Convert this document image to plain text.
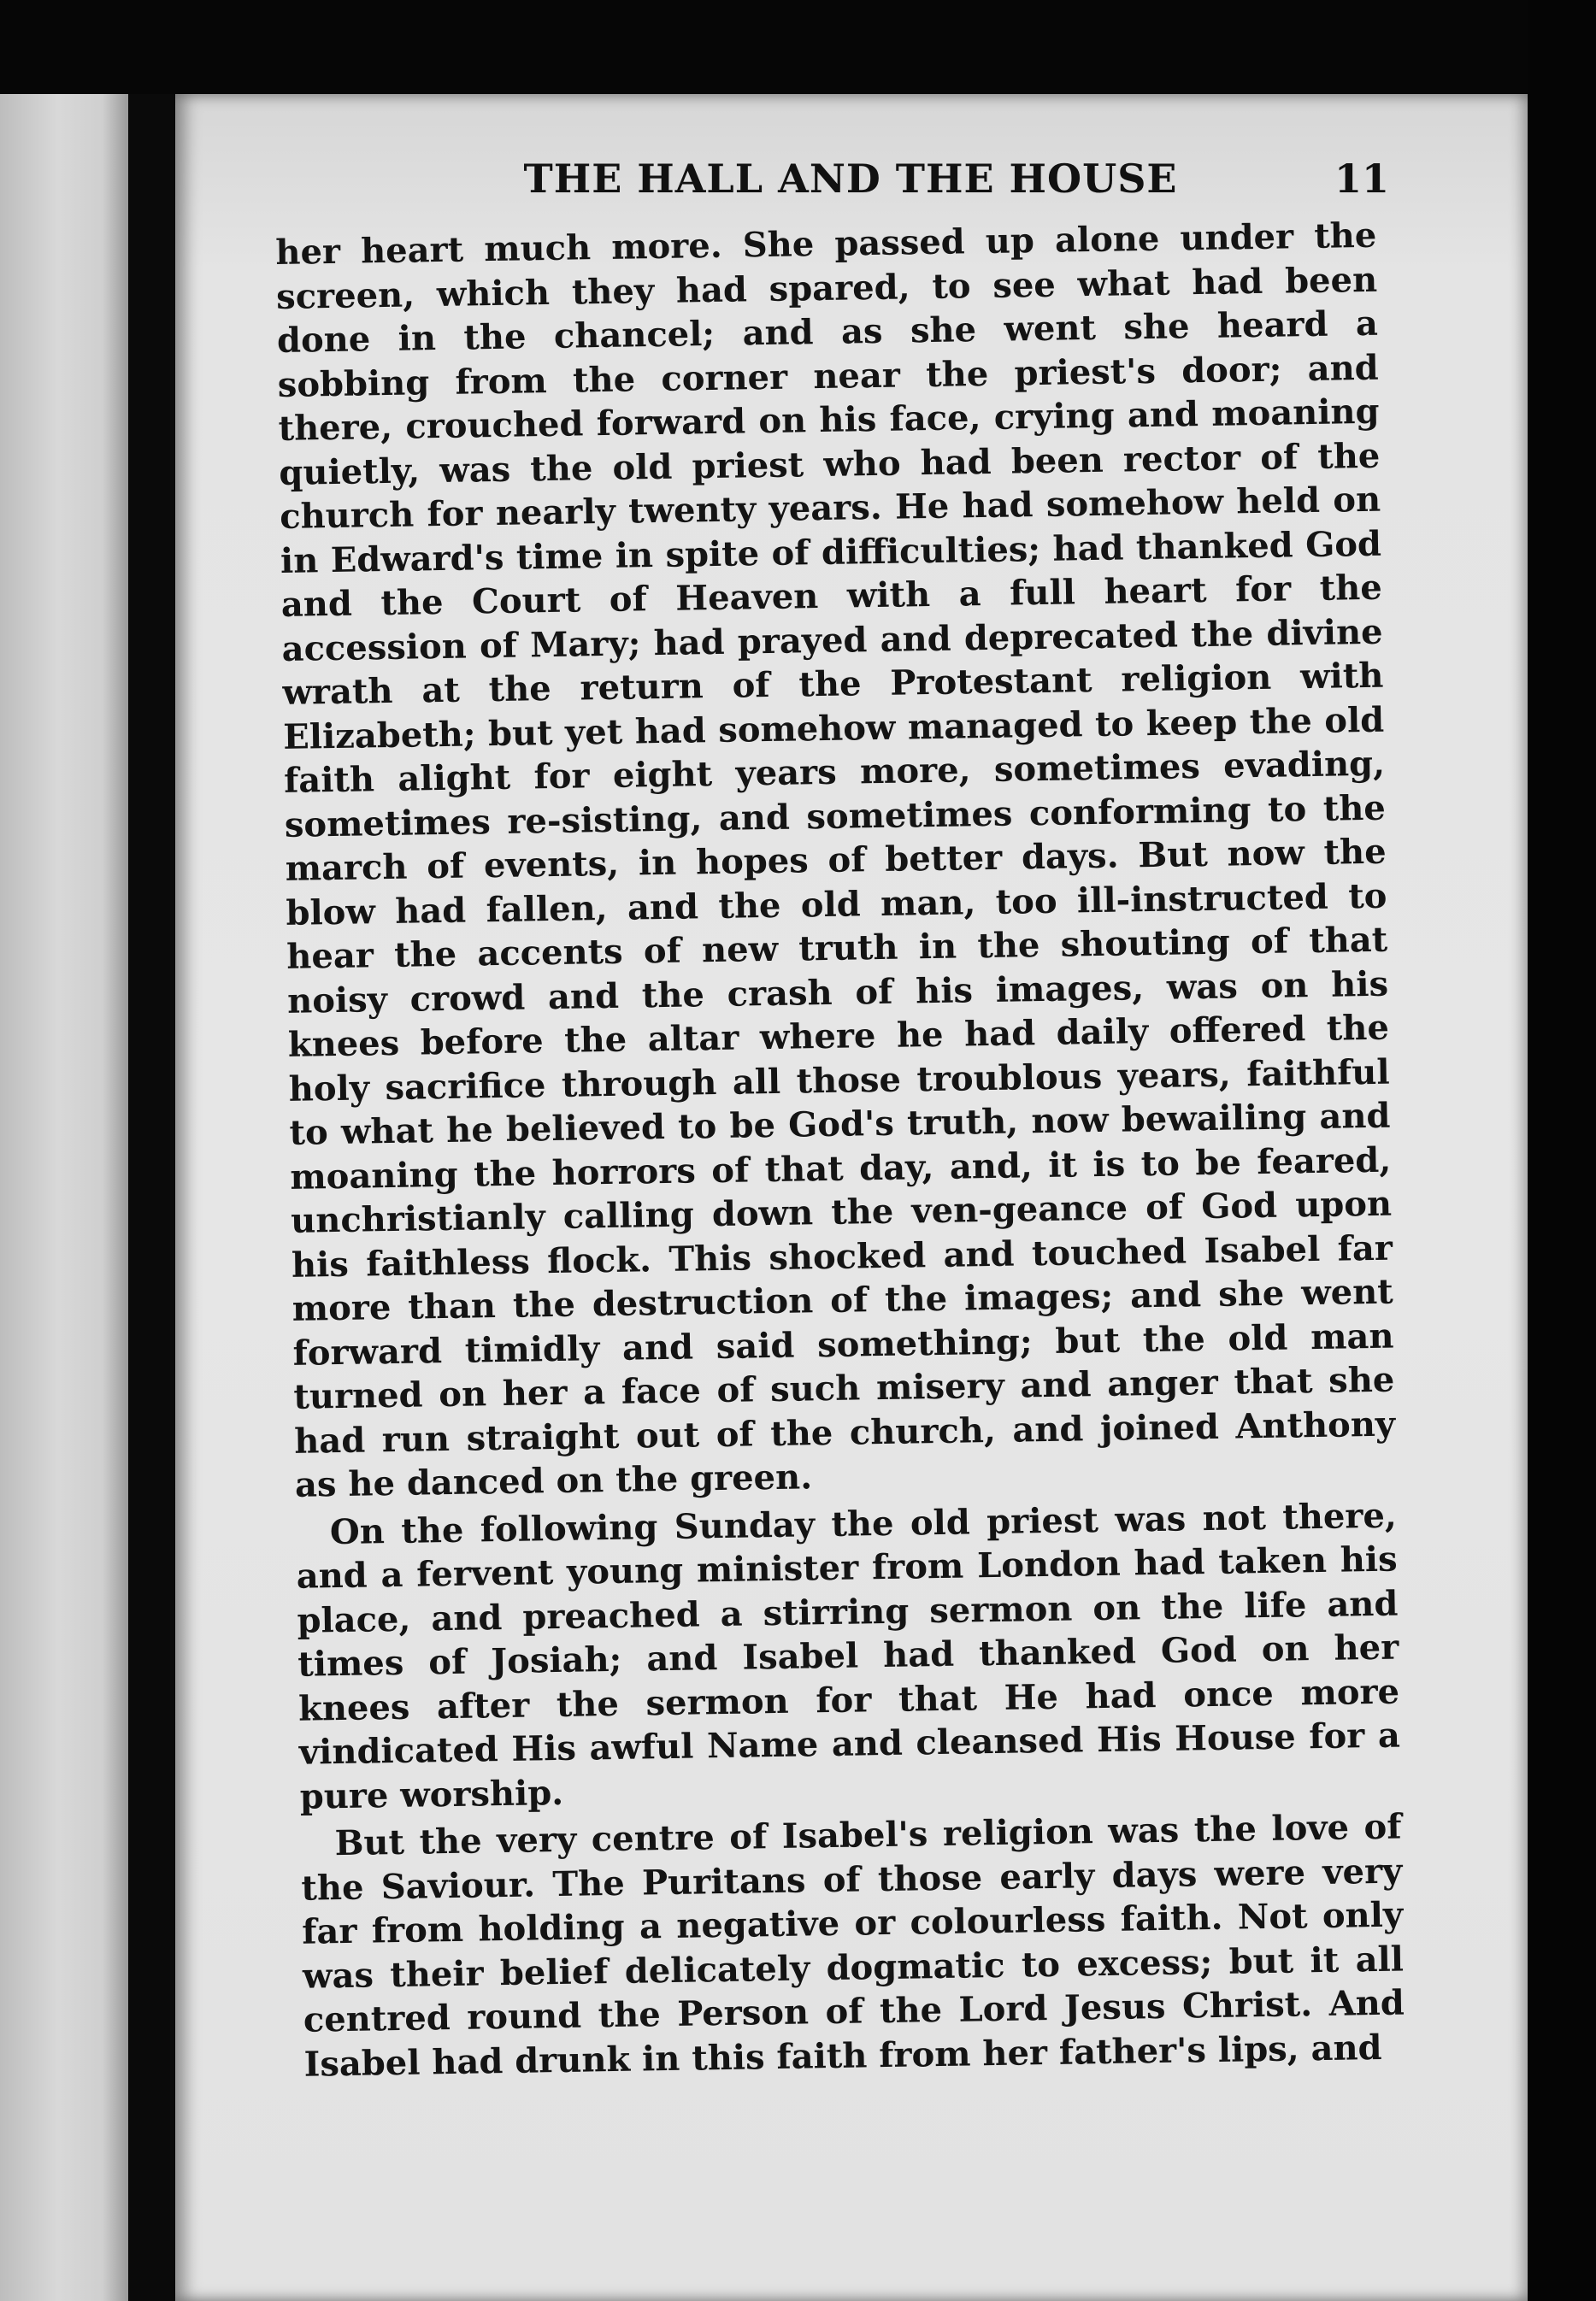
THE HALL AND THE HOUSE	11

her heart much more. She passed up alone under the screen, which they had spared, to see what had been done in the chancel; and as she went she heard a sobbing from the corner near the priest's door; and there, crouched forward on his face, crying and moaning quietly, was the old priest who had been rector of the church for nearly twenty years. He had somehow held on in Edward's time in spite of difficulties; had thanked God and the Court of Heaven with a full heart for the accession of Mary; had prayed and deprecated the divine wrath at the return of the Protestant religion with Elizabeth; but yet had somehow managed to keep the old faith alight for eight years more, sometimes evading, sometimes re-sisting, and sometimes conforming to the march of events, in hopes of better days. But now the blow had fallen, and the old man, too ill-instructed to hear the accents of new truth in the shouting of that noisy crowd and the crash of his images, was on his knees before the altar where he had daily offered the holy sacrifice through all those troublous years, faithful to what he believed to be God's truth, now bewailing and moaning the horrors of that day, and, it is to be feared, unchristianly calling down the ven-geance of God upon his faithless flock. This shocked and touched Isabel far more than the destruction of the images; and she went forward timidly and said something; but the old man turned on her a face of such misery and anger that she had run straight out of the church, and joined Anthony as he danced on the green.

On the following Sunday the old priest was not there, and a fervent young minister from London had taken his place, and preached a stirring sermon on the life and times of Josiah; and Isabel had thanked God on her knees after the sermon for that He had once more vindicated His awful Name and cleansed His House for a pure worship.

But the very centre of Isabel's religion was the love of the Saviour. The Puritans of those early days were very far from holding a negative or colourless faith. Not only was their belief delicately dogmatic to excess; but it all centred round the Person of the Lord Jesus Christ. And Isabel had drunk in this faith from her father's lips, and
